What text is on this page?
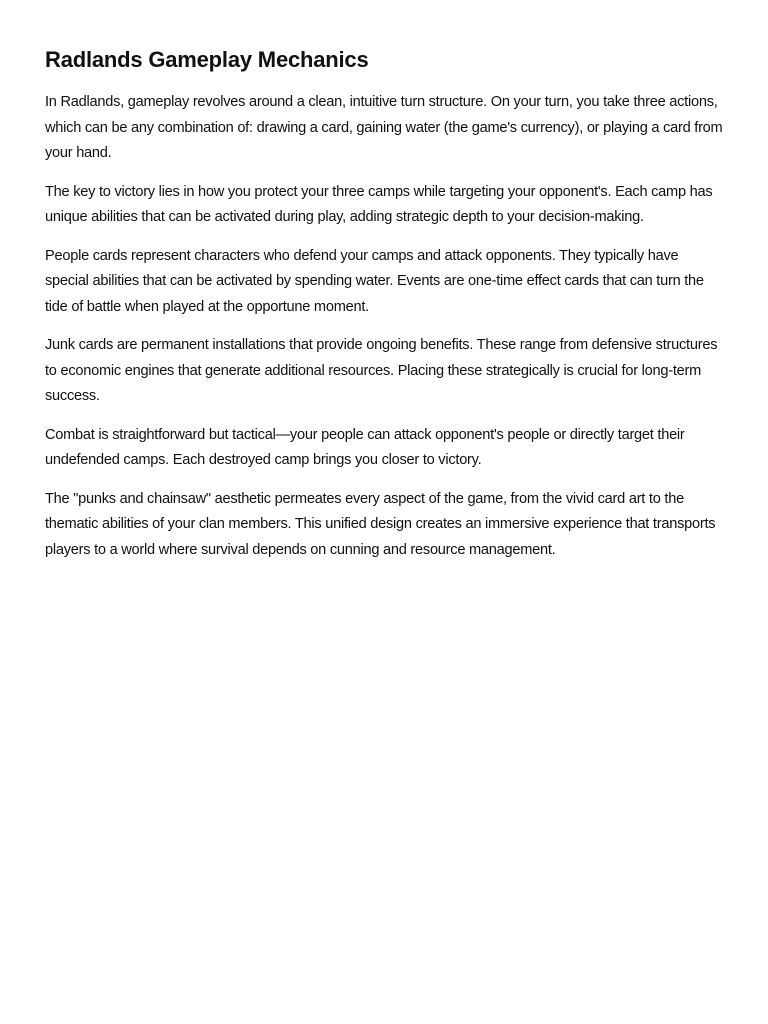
Radlands Gameplay Mechanics

In Radlands, gameplay revolves around a clean, intuitive turn structure. On your turn, you take three actions, which can be any combination of: drawing a card, gaining water (the game's currency), or playing a card from your hand.

The key to victory lies in how you protect your three camps while targeting your opponent's. Each camp has unique abilities that can be activated during play, adding strategic depth to your decision-making.

People cards represent characters who defend your camps and attack opponents. They typically have special abilities that can be activated by spending water. Events are one-time effect cards that can turn the tide of battle when played at the opportune moment.

Junk cards are permanent installations that provide ongoing benefits. These range from defensive structures to economic engines that generate additional resources. Placing these strategically is crucial for long-term success.

Combat is straightforward but tactical—your people can attack opponent's people or directly target their undefended camps. Each destroyed camp brings you closer to victory.

The "punks and chainsaw" aesthetic permeates every aspect of the game, from the vivid card art to the thematic abilities of your clan members. This unified design creates an immersive experience that transports players to a world where survival depends on cunning and resource management.
